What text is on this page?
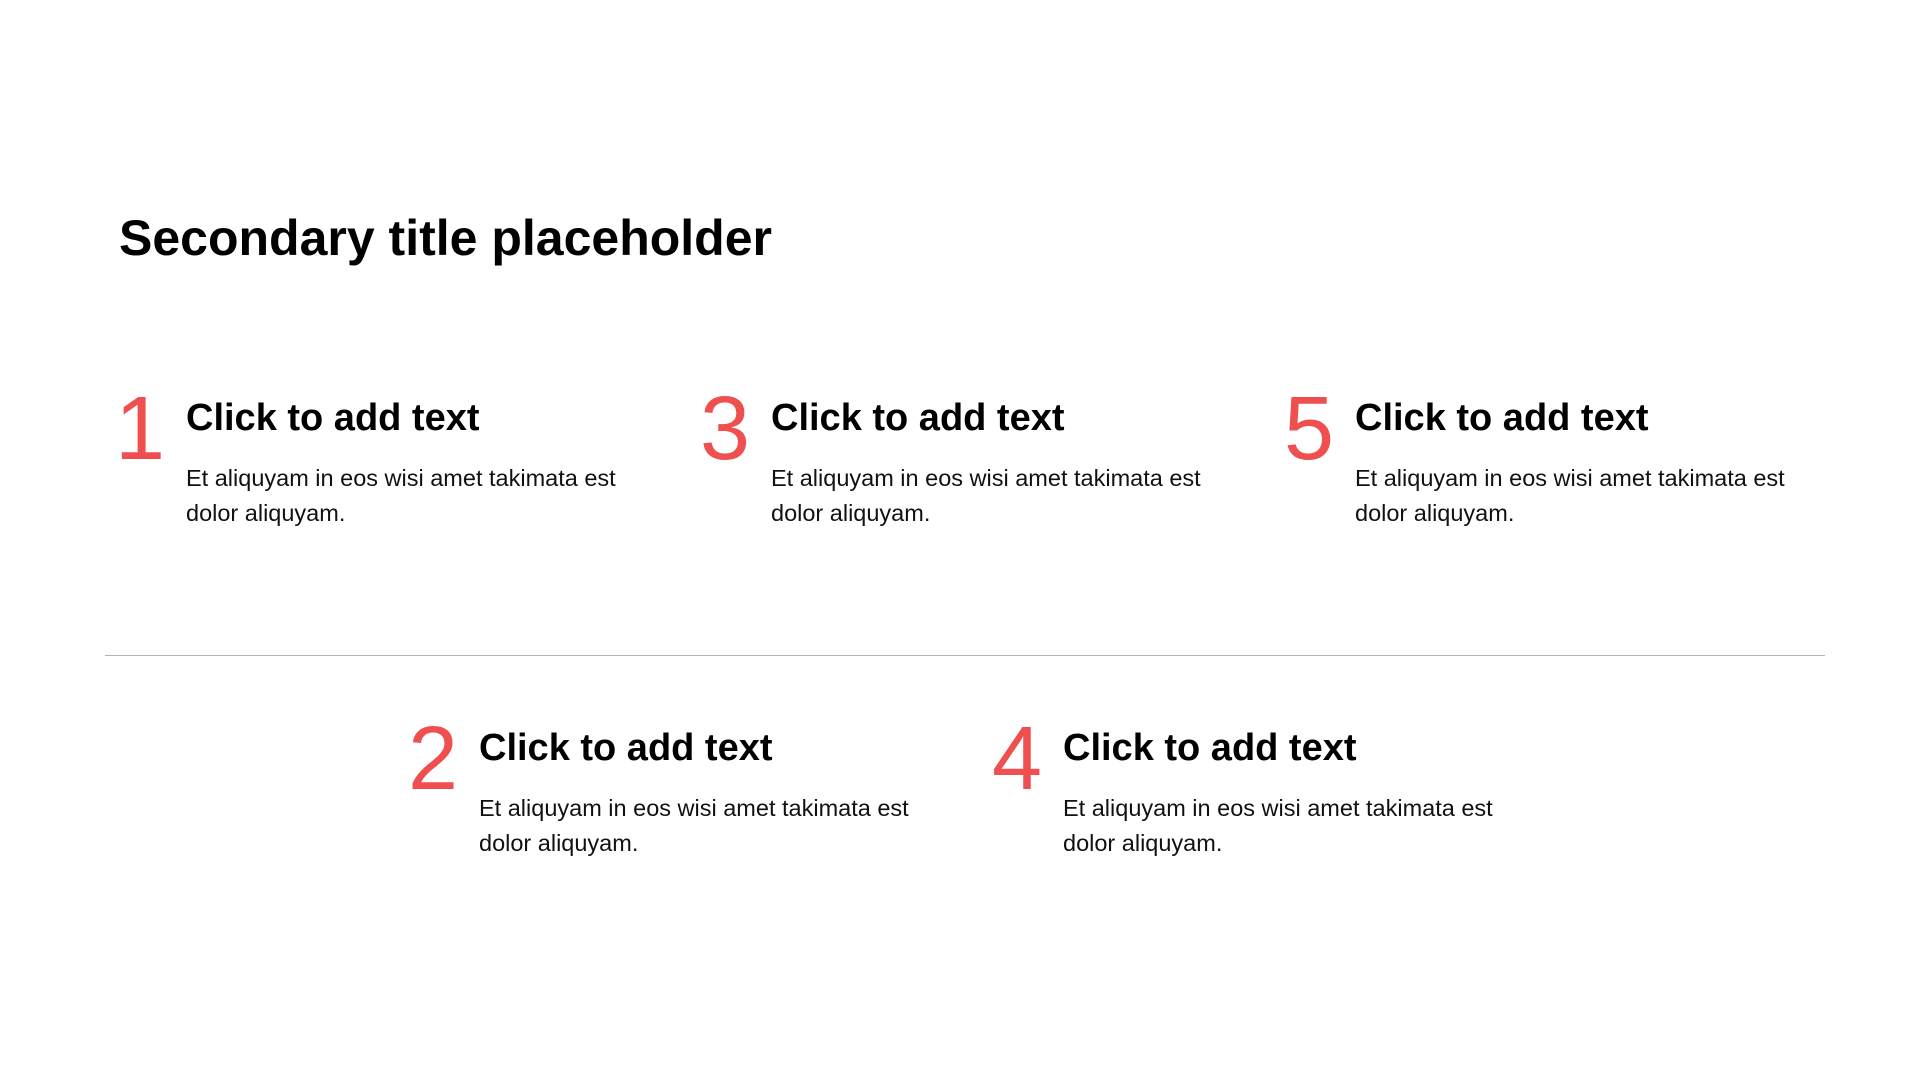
Secondary title placeholder
1 Click to add text
Et aliquyam in eos wisi amet takimata est dolor aliquyam.
3 Click to add text
Et aliquyam in eos wisi amet takimata est dolor aliquyam.
5 Click to add text
Et aliquyam in eos wisi amet takimata est dolor aliquyam.
2 Click to add text
Et aliquyam in eos wisi amet takimata est dolor aliquyam.
4 Click to add text
Et aliquyam in eos wisi amet takimata est dolor aliquyam.
